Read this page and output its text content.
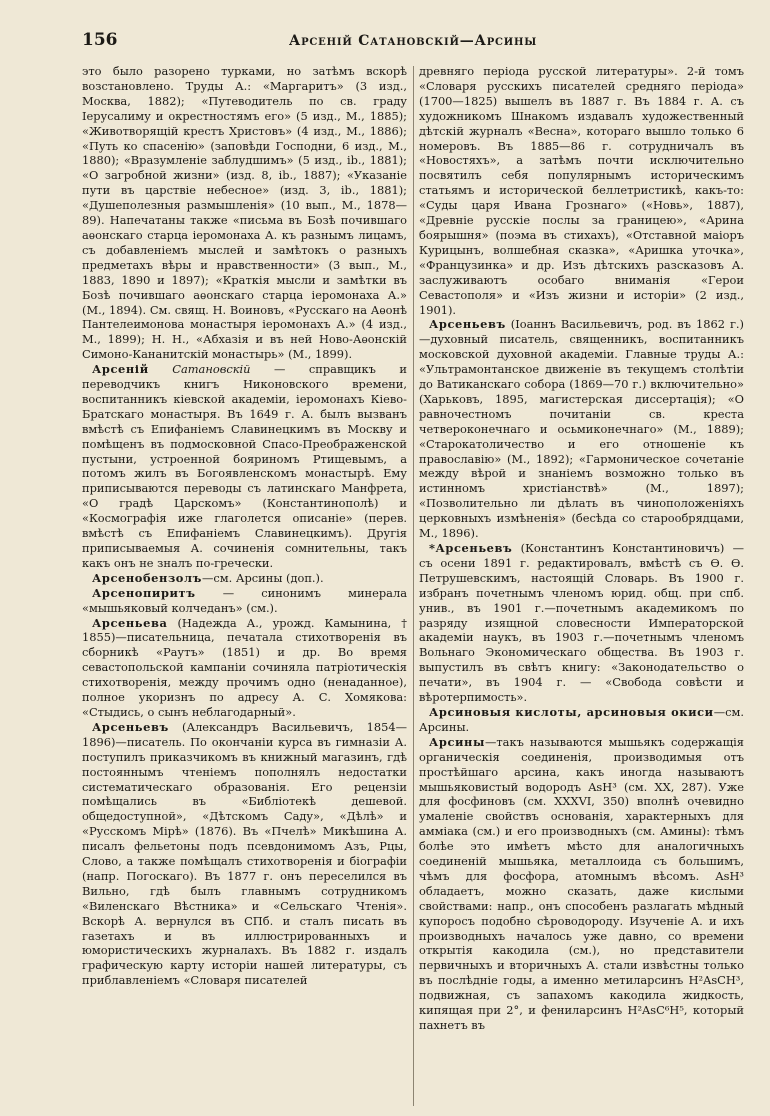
156	Арсеній Сатановскій—Арсины

это было разорено турками, но затѣмъ вскорѣ возстановлено. Труды А.: «Маргаритъ» (3 изд., Москва, 1882); «Путеводитель по св. граду Іерусалиму и окрестностямъ его» (5 изд., М., 1885); «Животворящій крестъ Христовъ» (4 изд., М., 1886); «Путь ко спасенію» (заповѣди Господни, 6 изд., М., 1880); «Вразумленіе заблудшимъ» (5 изд., ib., 1881); «О загробной жизни» (изд. 8, ib., 1887); «Указаніе пути въ царствіе небесное» (изд. 3, ib., 1881); «Душеполезныя размышленія» (10 вып., М., 1878—89). Напечатаны также «письма въ Бозѣ почившаго аѳонскаго старца іеромонаха А. къ разнымъ лицамъ, съ добавленіемъ мыслей и замѣтокъ о разныхъ предметахъ вѣры и нравственности» (3 вып., М., 1883, 1890 и 1897); «Краткія мысли и замѣтки въ Бозѣ почившаго аѳонскаго старца іеромонаха А.» (М., 1894). См. свящ. Н. Воиновъ, «Русскаго на Аѳонѣ Пантелеимонова монастыря іеромонахъ А.» (4 изд., М., 1899); Н. Н., «Абхазія и въ ней Ново-Аѳонскій Симоно-Кананитскій монастырь» (М., 1899).

Арсеній Сатановскій — справщикъ и переводчикъ книгъ Никоновского времени, воспитанникъ кіевской академіи, іеромонахъ Кіево-Братскаго монастыря. Въ 1649 г. А. былъ вызванъ вмѣстѣ съ Епифаніемъ Славинецкимъ въ Москву и помѣщенъ въ подмосковной Спасо-Преображенской пустыни, устроенной бояриномъ Ртищевымъ, а потомъ жилъ въ Богоявленскомъ монастырѣ. Ему приписываются переводы съ латинскаго Манфрета, «О градѣ Царскомъ» (Константинополѣ) и «Космографія иже глаголется описаніе» (перев. вмѣстѣ съ Епифаніемъ Славинецкимъ). Другія приписываемыя А. сочиненія сомнительны, такъ какъ онъ не зналъ по-гречески.

Арсенобензолъ—см. Арсины (доп.).

Арсенопиритъ — синонимъ минерала «мышьяковый колчеданъ» (см.).

Арсеньева (Надежда А., урожд. Камынина, † 1855)—писательница, печатала стихотворенія въ сборникѣ «Раутъ» (1851) и др. Во время севастопольской кампаніи сочиняла патріотическія стихотворенія, между прочимъ одно (ненаданное), полное укоризнъ по адресу А. С. Хомякова: «Стыдись, о сынъ неблагодарный».

Арсеньевъ (Александръ Васильевичъ, 1854—1896)—писатель. По окончаніи курса въ гимназіи А. поступилъ приказчикомъ въ книжный магазинъ, гдѣ постояннымъ чтеніемъ пополнялъ недостатки систематическаго образованія. Его рецензіи помѣщались въ «Библіотекѣ дешевой. общедоступной», «Дѣтскомъ Саду», «Дѣлѣ» и «Русскомъ Мірѣ» (1876). Въ «Пчелѣ» Микѣшина А. писалъ фельетоны подъ псевдонимомъ Азъ, Рцы, Слово, а также помѣщалъ стихотворенія и біографіи (напр. Погоскаго). Въ 1877 г. онъ переселился въ Вильно, гдѣ былъ главнымъ сотрудникомъ «Виленскаго Вѣстника» и «Сельскаго Чтенія». Вскорѣ А. вернулся въ СПб. и сталъ писать въ газетахъ и въ иллюстрированныхъ и юмористическихъ журналахъ. Въ 1882 г. издалъ графическую карту исторіи нашей литературы, съ приблавленіемъ «Словаря писателей

древняго періода русской литературы». 2-й томъ «Словаря русскихъ писателей средняго періода» (1700—1825) вышелъ въ 1887 г. Въ 1884 г. А. съ художникомъ Шнакомъ издавалъ художественный дѣтскій журналъ «Весна», котораго вышло только 6 номеровъ. Въ 1885—86 г. сотрудничалъ въ «Новостяхъ», а затѣмъ почти исключительно посвятилъ себя популярнымъ историческимъ статьямъ и исторической беллетристикѣ, какъ-то: «Суды царя Ивана Грознаго» («Новь», 1887), «Древніе русскіе послы за границею», «Арина боярышня» (поэма въ стихахъ), «Отставной маіоръ Курицынъ, волшебная сказка», «Аришка уточка», «Французинка» и др. Изъ дѣтскихъ разсказовъ А. заслуживаютъ особаго вниманія «Герои Севастополя» и «Изъ жизни и исторіи» (2 изд., 1901).

Арсеньевъ (Іоаннъ Васильевичъ, род. въ 1862 г.)—духовный писатель, священникъ, воспитанникъ московской духовной академіи. Главные труды А.: «Ультрамонтанское движеніе въ текущемъ столѣтіи до Ватиканскаго собора (1869—70 г.) включительно» (Харьковъ, 1895, магистерская диссертація); «О равночестномъ почитаніи св. креста четвероконечнаго и осьмиконечнаго» (М., 1889); «Старокатоличество и его отношеніе къ православію» (М., 1892); «Гармоническое сочетаніе между вѣрой и знаніемъ возможно только въ истинномъ христіанствѣ» (М., 1897); «Позволительно ли дѣлать въ чиноположеніяхъ церковныхъ измѣненія» (бесѣда со старообрядцами, М., 1896).

*Арсеньевъ (Константинъ Константиновичъ) — съ осени 1891 г. редактировалъ, вмѣстѣ съ Ѳ. Ѳ. Петрушевскимъ, настоящій Словарь. Въ 1900 г. избранъ почетнымъ членомъ юрид. общ. при спб. унив., въ 1901 г.—почетнымъ академикомъ по разряду изящной словесности Императорской академіи наукъ, въ 1903 г.—почетнымъ членомъ Вольнаго Экономическаго общества. Въ 1903 г. выпустилъ въ свѣтъ книгу: «Законодательство о печати», въ 1904 г. — «Свобода совѣсти и вѣротерпимость».

Арсиновыя кислоты, арсиновыя окиси—см. Арсины.

Арсины—такъ называются мышьякъ содержащія органическія соединенія, производимыя отъ простѣйшаго арсина, какъ иногда называютъ мышьяковистый водородъ AsH³ (см. XX, 287). Уже для фосфиновъ (см. XXXVI, 350) вполнѣ очевидно умаленіе свойствъ основанія, характерныхъ для аммiака (см.) и его производныхъ (см. Амины): тѣмъ болѣе это имѣетъ мѣсто для аналогичныхъ соединеній мышьяка, металлоида съ большимъ, чѣмъ для фосфора, атомнымъ вѣсомъ. AsH³ обладаетъ, можно сказать, даже кислыми свойствами: напр., онъ способенъ разлагать мѣдный купоросъ подобно сѣроводороду. Изученіе А. и ихъ производныхъ началось уже давно, со времени открытія какодила (см.), но представители первичныхъ и вторичныхъ А. стали извѣстны только въ послѣдніе годы, а именно метиларсинъ H²AsCH³, подвижная, съ запахомъ какодила жидкость, кипящая при 2°, и фениларсинъ H²AsC⁶H⁵, который пахнетъ въ
